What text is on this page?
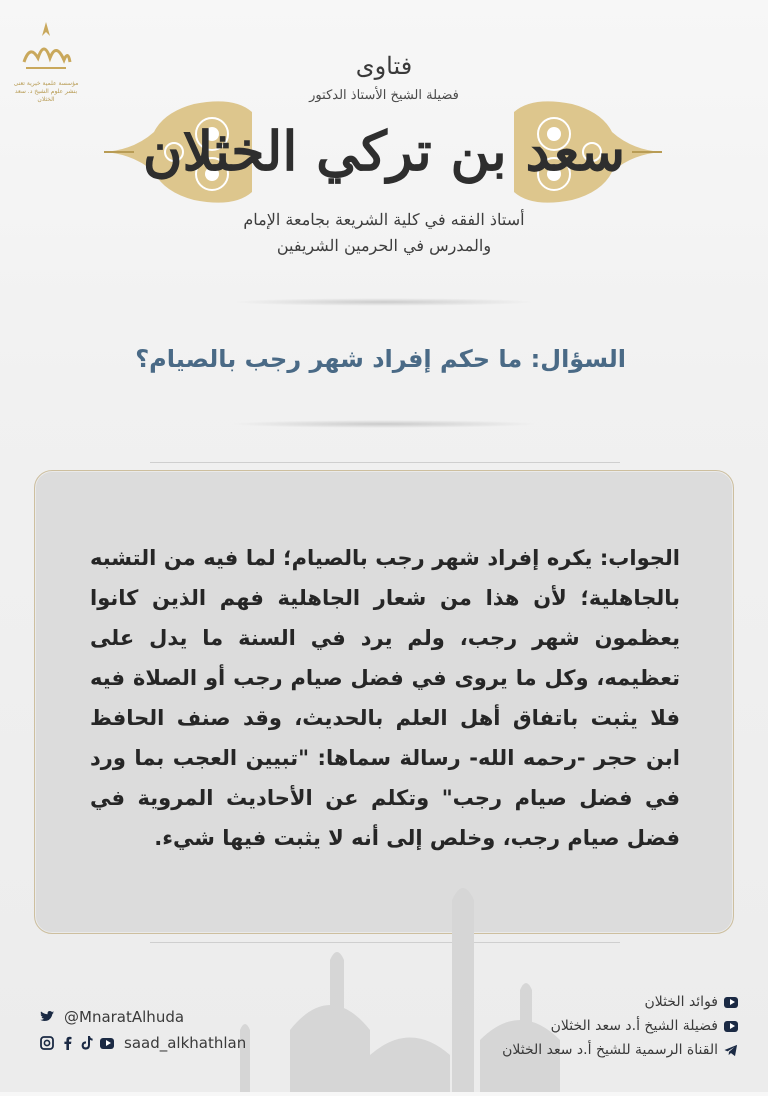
مؤسسة علمية خيرية تعنى بنشر علوم الشيخ د. سعد الخثلان
فتاوى
فضيلة الشيخ الأستاذ الدكتور
سعد بن تركي الخثلان
أستاذ الفقه في كلية الشريعة بجامعة الإمام
والمدرس في الحرمين الشريفين
السؤال: ما حكم إفراد شهر رجب بالصيام؟
الجواب: يكره إفراد شهر رجب بالصيام؛ لما فيه من التشبه بالجاهلية؛ لأن هذا من شعار الجاهلية فهم الذين كانوا يعظمون شهر رجب، ولم يرد في السنة ما يدل على تعظيمه، وكل ما يروى في فضل صيام رجب أو الصلاة فيه فلا يثبت باتفاق أهل العلم بالحديث، وقد صنف الحافظ ابن حجر -رحمه الله- رسالة سماها: "تبيين العجب بما ورد في فضل صيام رجب" وتكلم عن الأحاديث المروية في فضل صيام رجب، وخلص إلى أنه لا يثبت فيها شيء.
@MnaratAlhuda
saad_alkhathlan
فوائد الخثلان
فضيلة الشيخ أ.د سعد الخثلان
القناة الرسمية للشيخ أ.د سعد الخثلان
